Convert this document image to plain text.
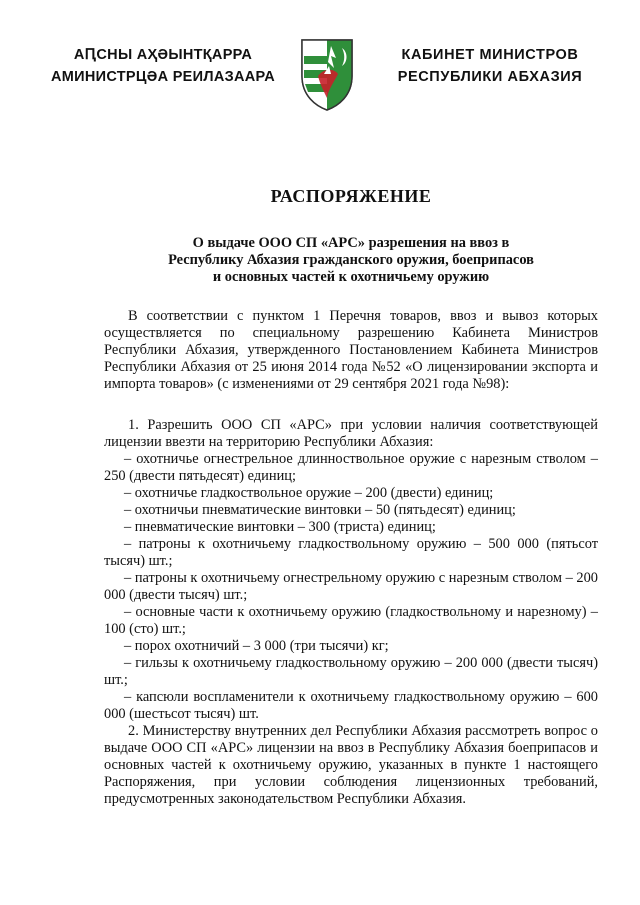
АԤСНЫ АҲӘЫНТҚАРРА
АМИНИСТРЦӘА РЕИЛАЗААРА
КАБИНЕТ МИНИСТРОВ
РЕСПУБЛИКИ АБХАЗИЯ
РАСПОРЯЖЕНИЕ
О выдаче ООО СП «АРС» разрешения на ввоз в
Республику Абхазия гражданского оружия, боеприпасов
и основных частей к охотничьему оружию

В соответствии с пунктом 1 Перечня товаров, ввоз и вывоз которых осуществляется по специальному разрешению Кабинета Министров Республики Абхазия, утвержденного Постановлением Кабинета Министров Республики Абхазия от 25 июня 2014 года №52 «О лицензировании экспорта и импорта товаров» (с изменениями от 29 сентября 2021 года №98):

1. Разрешить ООО СП «АРС» при условии наличия соответствующей лицензии ввезти на территорию Республики Абхазия:

– охотничье огнестрельное длинноствольное оружие с нарезным стволом – 250 (двести пятьдесят) единиц;

– охотничье гладкоствольное оружие – 200 (двести) единиц;

– охотничьи пневматические винтовки – 50 (пятьдесят) единиц;

– пневматические винтовки – 300 (триста) единиц;

– патроны к охотничьему гладкоствольному оружию – 500 000 (пятьсот тысяч) шт.;

– патроны к охотничьему огнестрельному оружию с нарезным стволом – 200 000 (двести тысяч) шт.;

– основные части к охотничьему оружию (гладкоствольному и нарезному) –100 (сто) шт.;

– порох охотничий – 3 000 (три тысячи) кг;

– гильзы к охотничьему гладкоствольному оружию – 200 000 (двести тысяч) шт.;

– капсюли воспламенители к охотничьему гладкоствольному оружию – 600 000 (шестьсот тысяч) шт.

2. Министерству внутренних дел Республики Абхазия рассмотреть вопрос о выдаче ООО СП «АРС» лицензии на ввоз в Республику Абхазия боеприпасов и основных частей к охотничьему оружию, указанных в пункте 1 настоящего Распоряжения, при условии соблюдения лицензионных требований, предусмотренных законодательством Республики Абхазия.
